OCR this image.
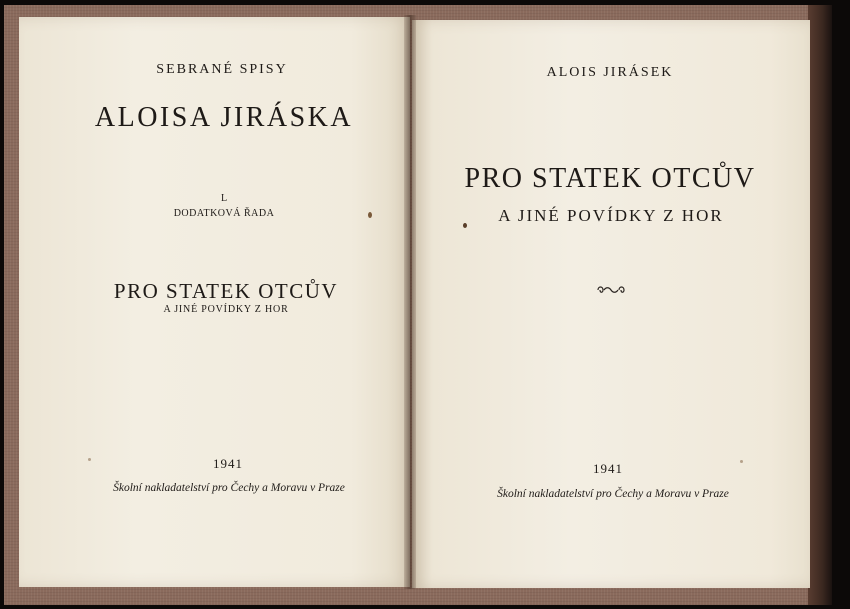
SEBRANÉ SPISY
ALOISA JIRÁSKA
L
DODATKOVÁ ŘADA
PRO STATEK OTCŮV
A JINÉ POVÍDKY Z HOR
1941
Školní nakladatelství pro Čechy a Moravu v Praze
ALOIS JIRÁSEK
PRO STATEK OTCŮV
A JINÉ POVÍDKY Z HOR
1941
Školní nakladatelství pro Čechy a Moravu v Praze
